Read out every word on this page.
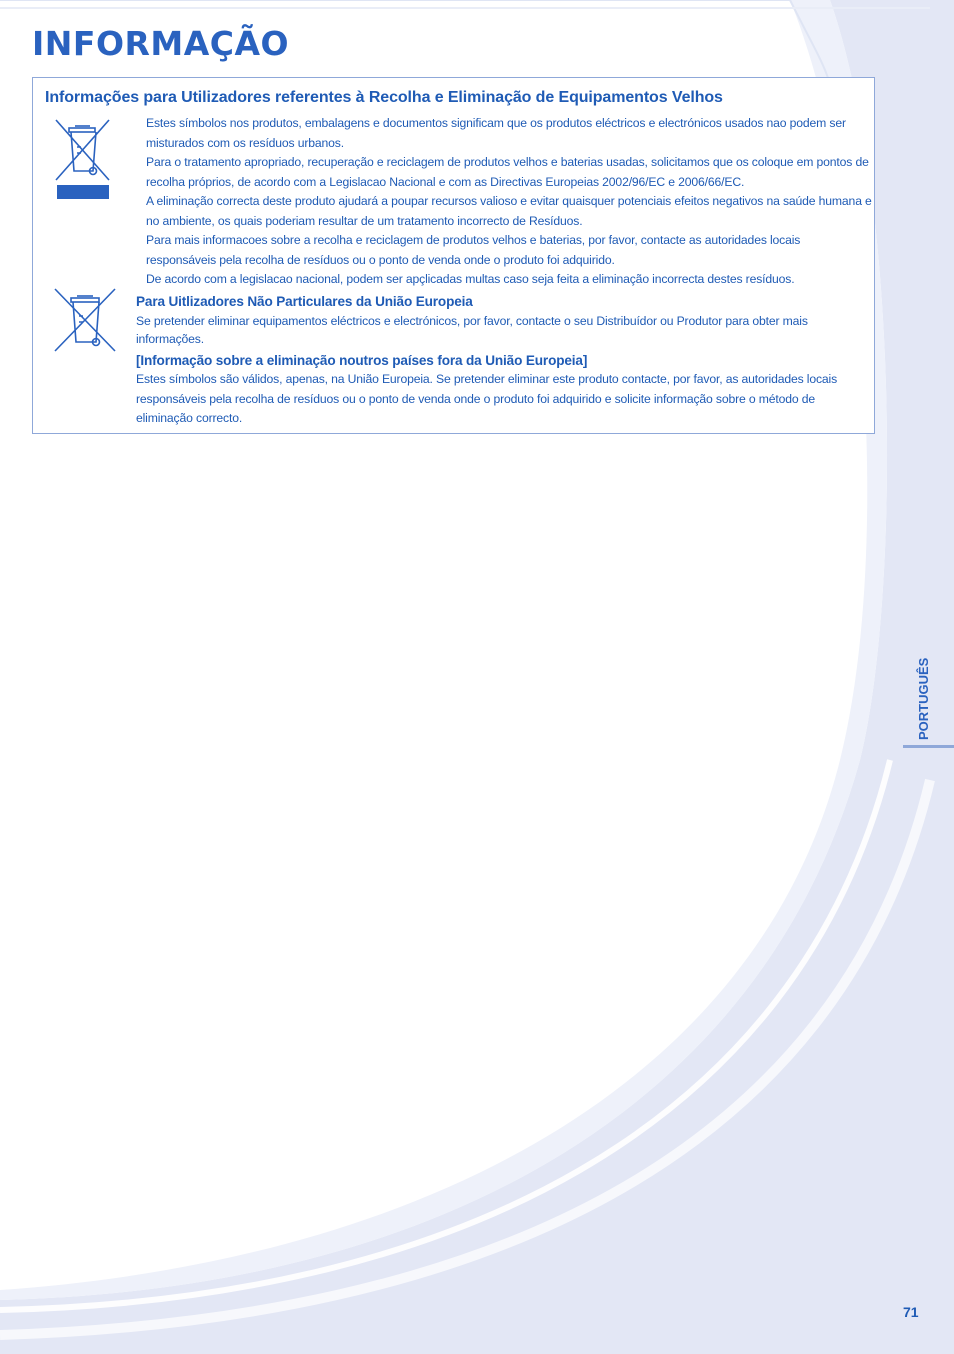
INFORMAÇÃO
Informações para Utilizadores referentes à Recolha e Eliminação de Equipamentos Velhos

Estes símbolos nos produtos, embalagens e documentos significam que os produtos eléctricos e electrónicos usados nao podem ser misturados com os resíduos urbanos.

Para o tratamento apropriado, recuperação e reciclagem de produtos velhos e baterias usadas, solicitamos que os coloque em pontos de recolha próprios, de acordo com a Legislacao Nacional e com as Directivas Europeias 2002/96/EC e 2006/66/EC.

A eliminação correcta deste produto ajudará a poupar recursos valioso e evitar quaisquer potenciais efeitos negativos na saúde humana e no ambiente, os quais poderiam resultar de um tratamento incorrecto de Resíduos.

Para mais informacoes sobre a recolha e reciclagem de produtos velhos e baterias, por favor, contacte as autoridades locais responsáveis pela recolha de resíduos ou o ponto de venda onde o produto foi adquirido.

De acordo com a legislacao nacional, podem ser apçlicadas multas caso seja feita a eliminação incorrecta destes resíduos.

Para Uitlizadores Não Particulares da União Europeia

Se pretender eliminar equipamentos eléctricos e electrónicos, por favor, contacte o seu Distribuídor ou Produtor para obter mais informações.

[Informação sobre a eliminação noutros países fora da União Europeia]

Estes símbolos são válidos, apenas, na União Europeia. Se pretender eliminar este produto contacte, por favor, as autoridades locais responsáveis pela recolha de resíduos ou o ponto de venda onde o produto foi adquirido e solicite informação sobre o método de eliminação correcto.

PORTUGUÊS
71
